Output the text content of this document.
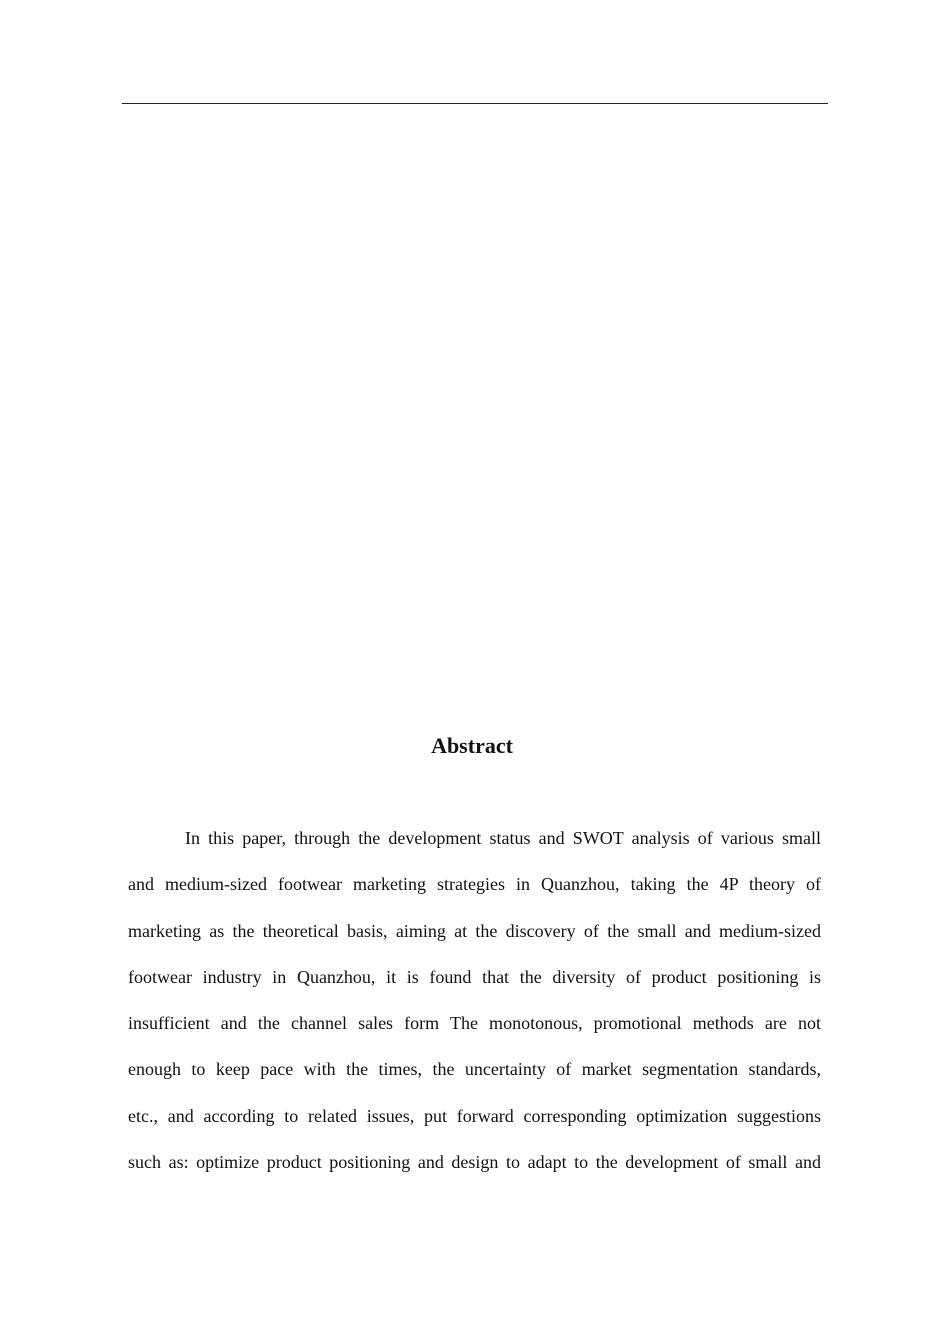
Abstract
In this paper, through the development status and SWOT analysis of various small
and medium-sized footwear marketing strategies in Quanzhou, taking the 4P theory of
marketing as the theoretical basis, aiming at the discovery of the small and medium-sized
footwear industry in Quanzhou, it is found that the diversity of product positioning is
insufficient and the channel sales form The monotonous, promotional methods are not
enough to keep pace with the times, the uncertainty of market segmentation standards,
etc., and according to related issues, put forward corresponding optimization suggestions
such as: optimize product positioning and design to adapt to the development of small and
